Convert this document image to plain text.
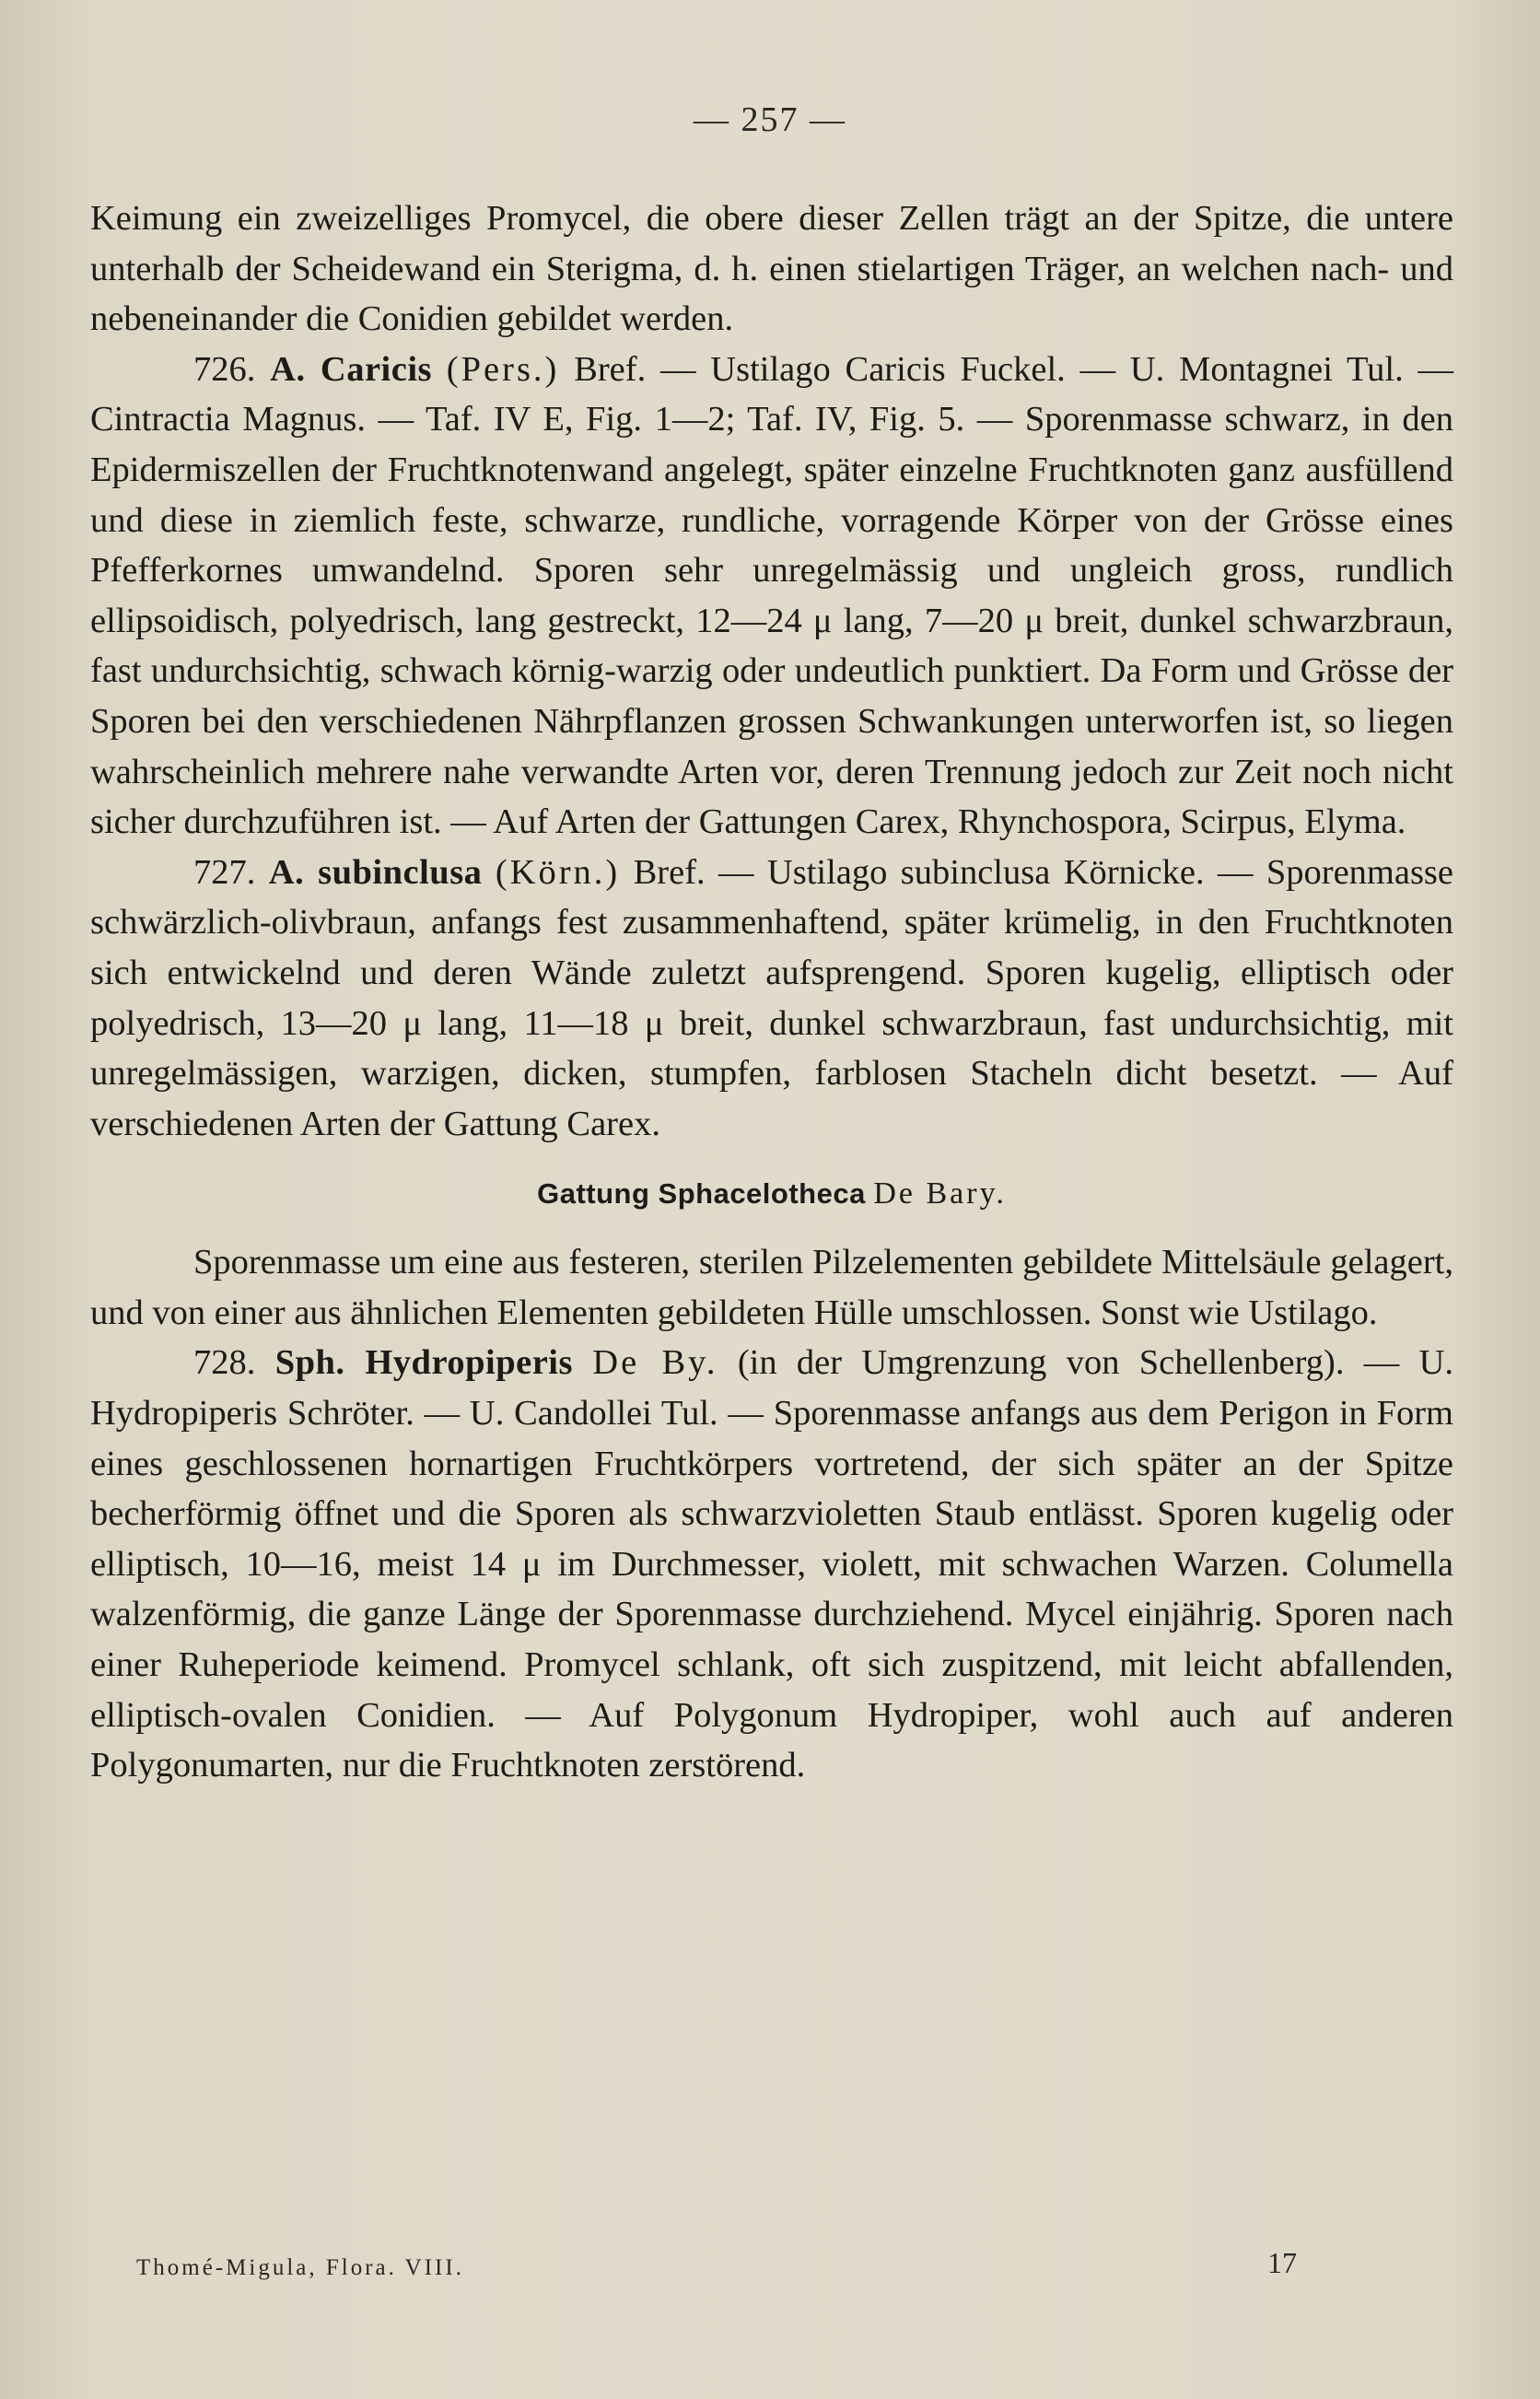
— 257 —

Keimung ein zweizelliges Promycel, die obere dieser Zellen trägt an der Spitze, die untere unterhalb der Scheidewand ein Sterigma, d. h. einen stielartigen Träger, an welchen nach- und nebeneinander die Conidien gebildet werden.

726. A. Caricis (Pers.) Bref. — Ustilago Caricis Fuckel. — U. Montagnei Tul. — Cintractia Magnus. — Taf. IV E, Fig. 1—2; Taf. IV, Fig. 5. — Sporenmasse schwarz, in den Epidermiszellen der Fruchtknotenwand angelegt, später einzelne Fruchtknoten ganz ausfüllend und diese in ziemlich feste, schwarze, rundliche, vorragende Körper von der Grösse eines Pfefferkornes umwandelnd. Sporen sehr unregelmässig und ungleich gross, rundlich ellipsoidisch, polyedrisch, lang gestreckt, 12—24 μ lang, 7—20 μ breit, dunkel schwarzbraun, fast undurchsichtig, schwach körnig-warzig oder undeutlich punktiert. Da Form und Grösse der Sporen bei den verschiedenen Nährpflanzen grossen Schwankungen unterworfen ist, so liegen wahrscheinlich mehrere nahe verwandte Arten vor, deren Trennung jedoch zur Zeit noch nicht sicher durchzuführen ist. — Auf Arten der Gattungen Carex, Rhynchospora, Scirpus, Elyma.

727. A. subinclusa (Körn.) Bref. — Ustilago subinclusa Körnicke. — Sporenmasse schwärzlich-olivbraun, anfangs fest zusammenhaftend, später krümelig, in den Fruchtknoten sich entwickelnd und deren Wände zuletzt aufsprengend. Sporen kugelig, elliptisch oder polyedrisch, 13—20 μ lang, 11—18 μ breit, dunkel schwarzbraun, fast undurchsichtig, mit unregelmässigen, warzigen, dicken, stumpfen, farblosen Stacheln dicht besetzt. — Auf verschiedenen Arten der Gattung Carex.

Gattung Sphacelotheca De Bary.

Sporenmasse um eine aus festeren, sterilen Pilzelementen gebildete Mittelsäule gelagert, und von einer aus ähnlichen Elementen gebildeten Hülle umschlossen. Sonst wie Ustilago.

728. Sph. Hydropiperis De By. (in der Umgrenzung von Schellenberg). — U. Hydropiperis Schröter. — U. Candollei Tul. — Sporenmasse anfangs aus dem Perigon in Form eines geschlossenen hornartigen Fruchtkörpers vortretend, der sich später an der Spitze becherförmig öffnet und die Sporen als schwarzvioletten Staub entlässt. Sporen kugelig oder elliptisch, 10—16, meist 14 μ im Durchmesser, violett, mit schwachen Warzen. Columella walzenförmig, die ganze Länge der Sporenmasse durchziehend. Mycel einjährig. Sporen nach einer Ruheperiode keimend. Promycel schlank, oft sich zuspitzend, mit leicht abfallenden, elliptisch-ovalen Conidien. — Auf Polygonum Hydropiper, wohl auch auf anderen Polygonumarten, nur die Fruchtknoten zerstörend.

Thomé-Migula, Flora. VIII.	17
